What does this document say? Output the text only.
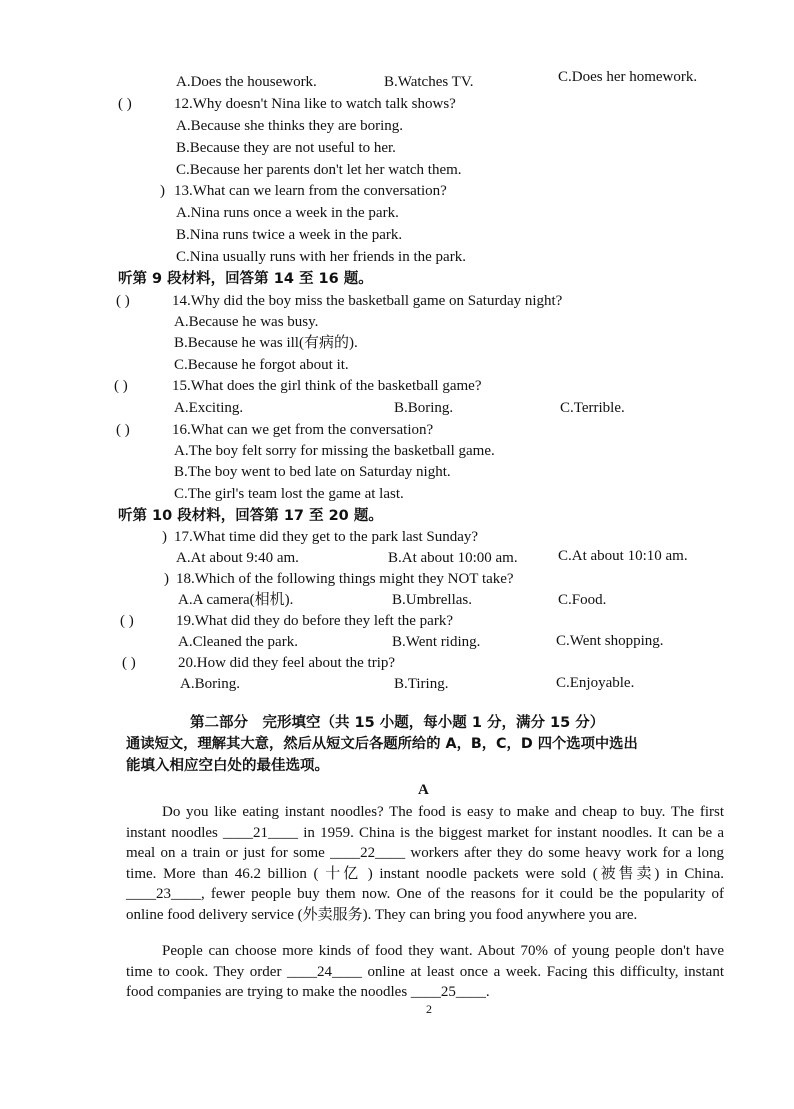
A.Does the housework.	B.Watches TV.	C.Does her homework.
( )	12.Why doesn't Nina like to watch talk shows?
A.Because she thinks they are boring.
B.Because they are not useful to her.
C.Because her parents don't let her watch them.
) 13.What can we learn from the conversation?
A.Nina runs once a week in the park.
B.Nina runs twice a week in the park.
C.Nina usually runs with her friends in the park.
听第 9 段材料，回答第 14 至 16 题。
( )	14.Why did the boy miss the basketball game on Saturday night?
A.Because he was busy.
B.Because he was ill(有病的).
C.Because he forgot about it.
( )	15.What does the girl think of the basketball game?
A.Exciting.	B.Boring.	C.Terrible.
( )	16.What can we get from the conversation?
A.The boy felt sorry for missing the basketball game.
B.The boy went to bed late on Saturday night.
C.The girl's team lost the game at last.
听第 10 段材料，回答第 17 至 20 题。
) 17.What time did they get to the park last Sunday?
A.At about 9:40 am.	B.At about 10:00 am.	C.At about 10:10 am.
) 18.Which of the following things might they NOT take?
A.A camera(相机).	B.Umbrellas.	C.Food.
( )	19.What did they do before they left the park?
A.Cleaned the park.	B.Went riding.	C.Went shopping.
( )	20.How did they feel about the trip?
A.Boring.	B.Tiring.	C.Enjoyable.
第二部分　完形填空（共 15 小题，每小题 1 分，满分 15 分）
通读短文，理解其大意，然后从短文后各题所给的 A，B，C，D 四个选项中选出
能填入相应空白处的最佳选项。
A
Do you like eating instant noodles? The food is easy to make and cheap to buy. The first instant noodles ____21____ in 1959. China is the biggest market for instant noodles. It can be a meal on a train or just for some ____22____ workers after they do some heavy work for a long time. More than 46.2 billion ( 十亿 ) instant noodle packets were sold (被售卖) in China. ____23____, fewer people buy them now. One of the reasons for it could be the popularity of online food delivery service (外卖服务). They can bring you food anywhere you are.
People can choose more kinds of food they want. About 70% of young people don't have time to cook. They order ____24____ online at least once a week. Facing this difficulty, instant food companies are trying to make the noodles ____25____.
2
